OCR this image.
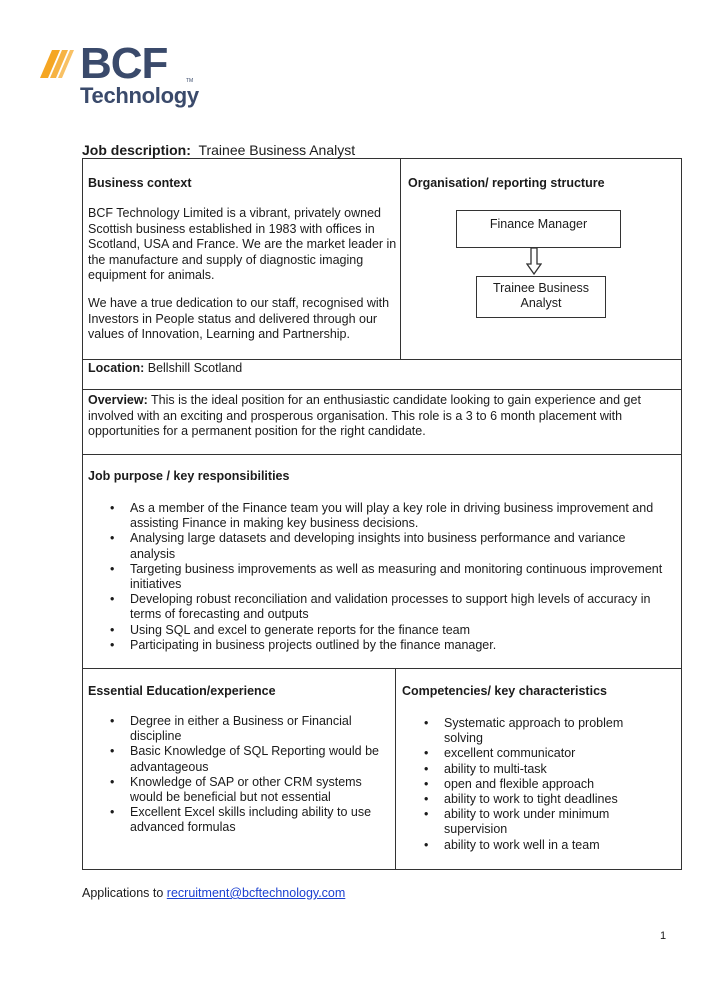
BCF	TM
Technology
Job description: Trainee Business Analyst
Business context
BCF Technology Limited is a vibrant, privately owned Scottish business established in 1983 with offices in Scotland, USA and France. We are the market leader in the manufacture and supply of diagnostic imaging equipment for animals.
We have a true dedication to our staff, recognised with Investors in People status and delivered through our values of Innovation, Learning and Partnership.
Organisation/ reporting structure
Finance Manager
Trainee Business Analyst
Location: Bellshill Scotland
Overview: This is the ideal position for an enthusiastic candidate looking to gain experience and get involved with an exciting and prosperous organisation. This role is a 3 to 6 month placement with opportunities for a permanent position for the right candidate.
Job purpose / key responsibilities
• As a member of the Finance team you will play a key role in driving business improvement and assisting Finance in making key business decisions.
• Analysing large datasets and developing insights into business performance and variance analysis
• Targeting business improvements as well as measuring and monitoring continuous improvement initiatives
• Developing robust reconciliation and validation processes to support high levels of accuracy in terms of forecasting and outputs
• Using SQL and excel to generate reports for the finance team
• Participating in business projects outlined by the finance manager.
Essential Education/experience
• Degree in either a Business or Financial discipline
• Basic Knowledge of SQL Reporting would be advantageous
• Knowledge of SAP or other CRM systems would be beneficial but not essential
• Excellent Excel skills including ability to use advanced formulas
Competencies/ key characteristics
• Systematic approach to problem solving
• excellent communicator
• ability to multi-task
• open and flexible approach
• ability to work to tight deadlines
• ability to work under minimum supervision
• ability to work well in a team
Applications to recruitment@bcftechnology.com
1
